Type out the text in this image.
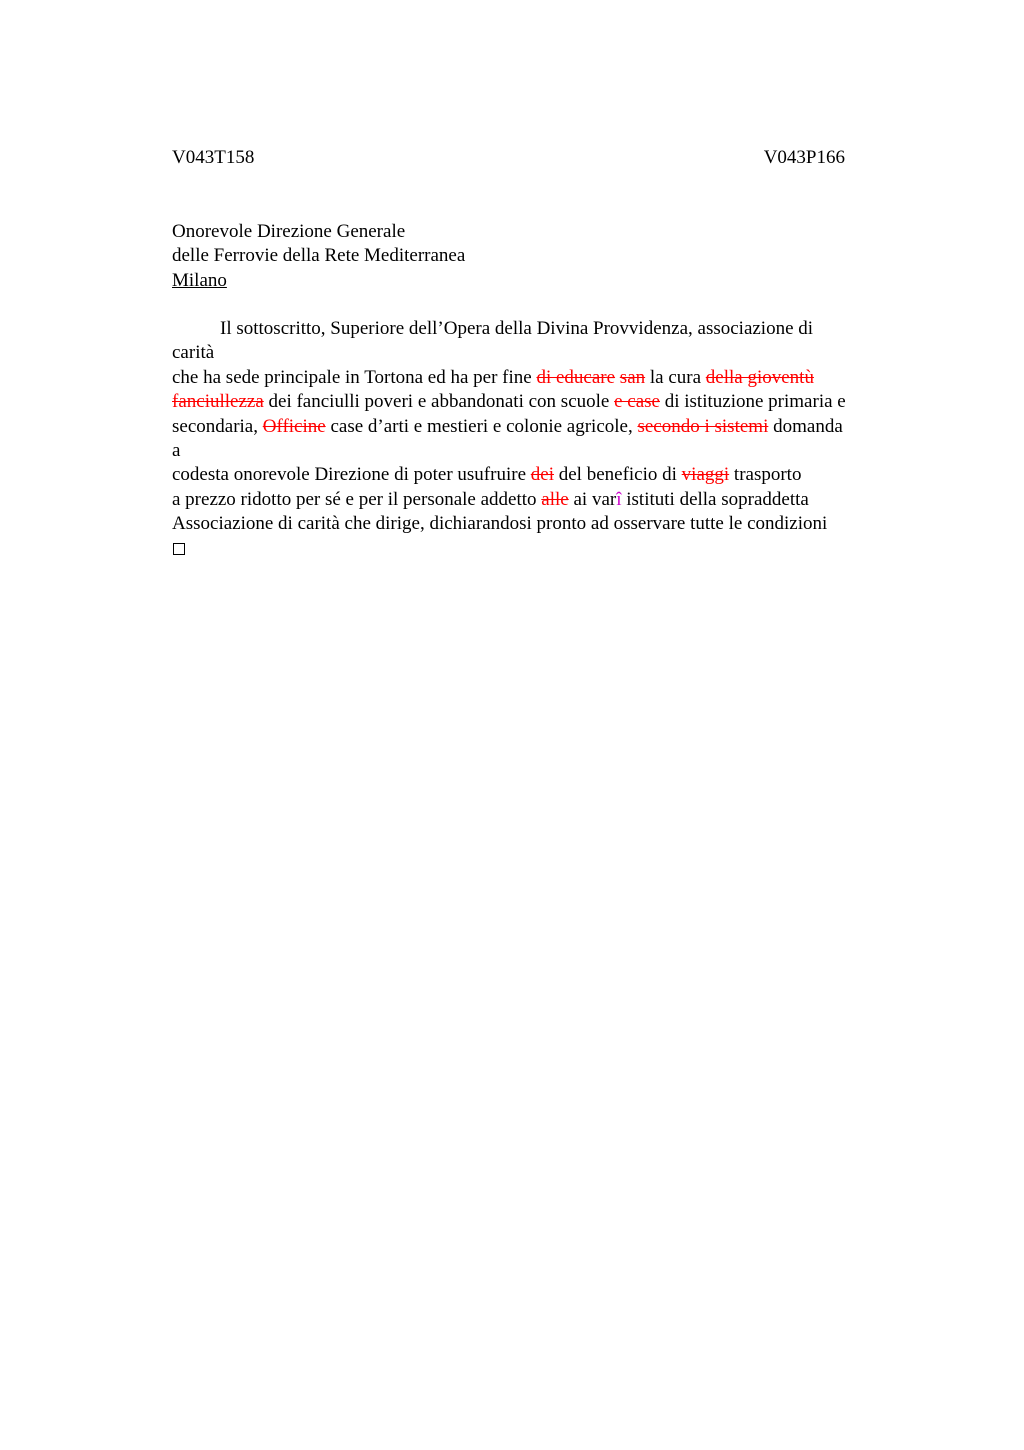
V043T158	V043P166
Onorevole Direzione Generale
delle Ferrovie della Rete Mediterranea
Milano
Il sottoscritto, Superiore dell’Opera della Divina Provvidenza, associazione di
carità
che ha sede principale in Tortona ed ha per fine di educare san la cura della gioventù
fanciullezza dei fanciulli poveri e abbandonati con scuole e case di istituzione primaria e
secondaria, Officine case d’arti e mestieri e colonie agricole, secondo i sistemi domanda
a
codesta onorevole Direzione di poter usufruire dei del beneficio di viaggi trasporto
a prezzo ridotto per sé e per il personale addetto alle ai varî istituti della sopraddetta
Associazione di carità che dirige, dichiarandosi pronto ad osservare tutte le condizioni
